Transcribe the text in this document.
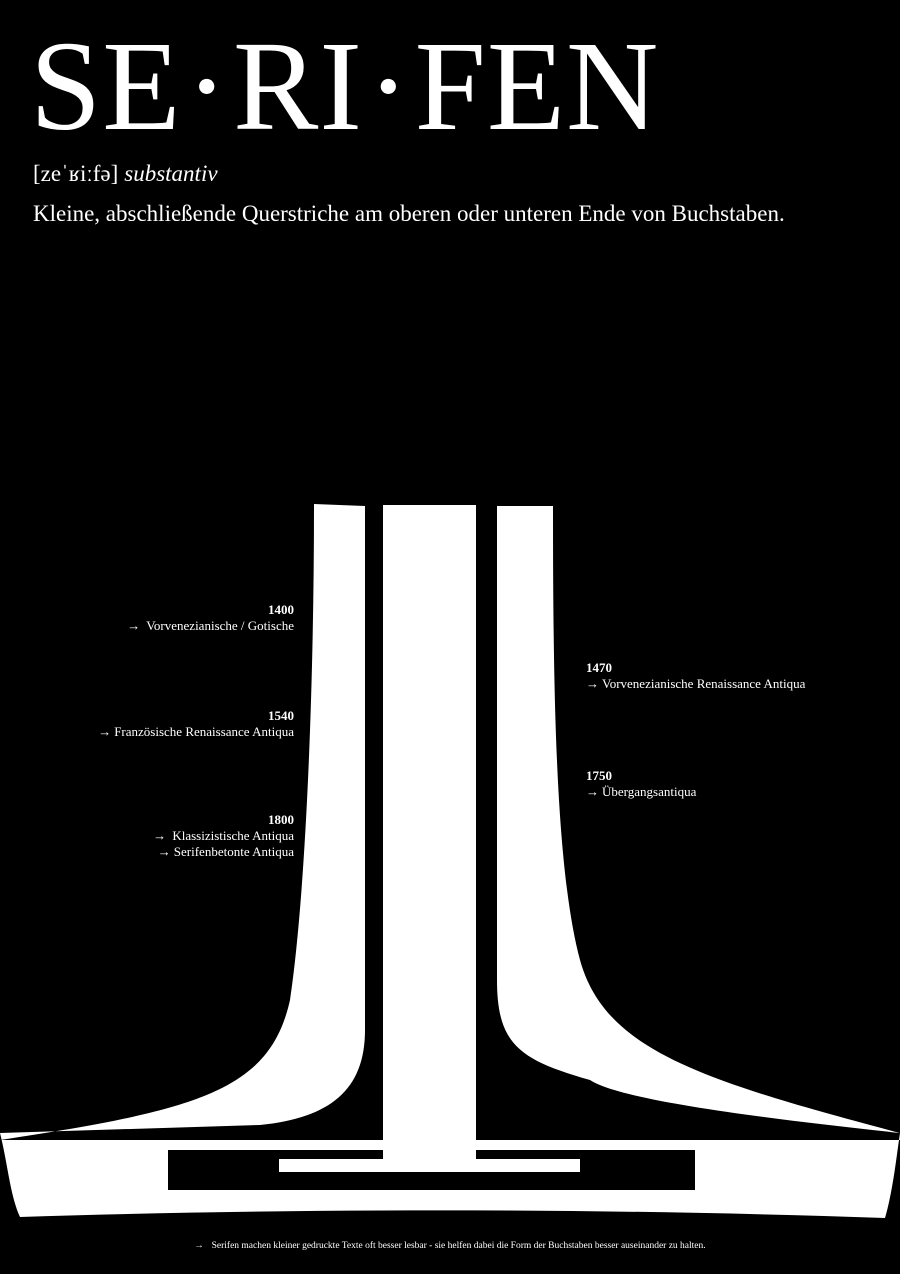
SE·RI·FEN
[zeˈʁiːfə] substantiv
Kleine, abschließende Querstriche am oberen oder unteren Ende von Buchstaben.
1400
→ Vorvenezianische / Gotische
1540
→ Französische Renaissance Antiqua
1800
→ Klassizistische Antiqua
→ Serifenbetonte Antiqua
1470
→ Vorvenezianische Renaissance Antiqua
1750
→ Übergangsantiqua
→ Serifen machen kleiner gedruckte Texte oft besser lesbar - sie helfen dabei die Form der Buchstaben besser auseinander zu halten.
